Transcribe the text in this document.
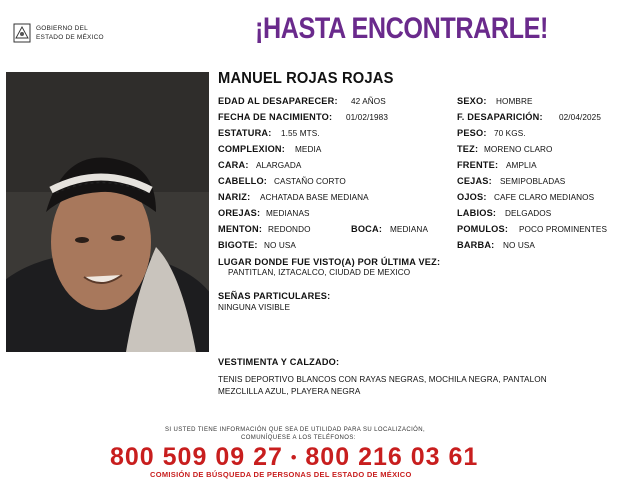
GOBIERNO DEL
ESTADO DE MÉXICO	¡HASTA ENCONTRARLE!
MANUEL ROJAS ROJAS
EDAD AL DESAPARECER: 42 AÑOS
FECHA DE NACIMIENTO: 01/02/1983
ESTATURA: 1.55 MTS.
COMPLEXION: MEDIA
CARA: ALARGADA
CABELLO: CASTAÑO CORTO
NARIZ: ACHATADA BASE MEDIANA
OREJAS: MEDIANAS
MENTON: REDONDO	BOCA: MEDIANA
BIGOTE: NO USA
SEXO: HOMBRE
F. DESAPARICIÓN: 02/04/2025
PESO: 70 KGS.
TEZ: MORENO CLARO
FRENTE: AMPLIA
CEJAS: SEMIPOBLADAS
OJOS: CAFE CLARO MEDIANOS
LABIOS: DELGADOS
POMULOS: POCO PROMINENTES
BARBA: NO USA
LUGAR DONDE FUE VISTO(A) POR ÚLTIMA VEZ:
PANTITLAN, IZTACALCO, CIUDAD DE MEXICO
SEÑAS PARTICULARES:
NINGUNA VISIBLE
VESTIMENTA Y CALZADO:
TENIS DEPORTIVO BLANCOS CON RAYAS NEGRAS, MOCHILA NEGRA, PANTALON
MEZCLILLA AZUL, PLAYERA NEGRA
SI USTED TIENE INFORMACIÓN QUE SEA DE UTILIDAD PARA SU LOCALIZACIÓN,
COMUNÍQUESE A LOS TELÉFONOS:
800 509 09 27 • 800 216 03 61
COMISIÓN DE BÚSQUEDA DE PERSONAS DEL ESTADO DE MÉXICO
